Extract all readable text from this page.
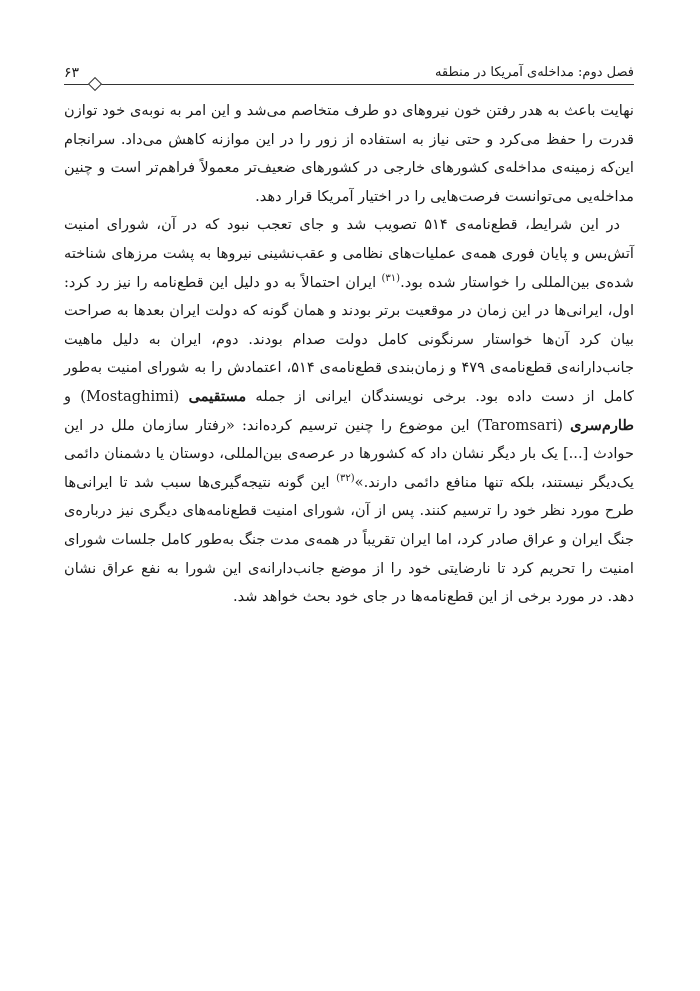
فصل دوم: مداخله‌ی آمریکا در منطقه
۶۳

نهایت باعث به هدر رفتن خون نیروهای دو طرف متخاصم می‌شد و این امر به نوبه‌ی خود توازن قدرت را حفظ می‌کرد و حتی نیاز به استفاده از زور را در این موازنه کاهش می‌داد. سرانجام این‌که زمینه‌ی مداخله‌ی کشورهای خارجی در کشورهای ضعیف‌تر معمولاً فراهم‌تر است و چنین مداخله‌یی می‌توانست فرصت‌هایی را در اختیار آمریکا قرار دهد.

در این شرایط، قطع‌نامه‌ی ۵۱۴ تصویب شد و جای تعجب نبود که در آن، شورای امنیت آتش‌بس و پایان فوری همه‌ی عملیات‌های نظامی و عقب‌نشینی نیروها به پشت مرزهای شناخته شده‌ی بین‌المللی را خواستار شده بود.$^{(۳۱)}$ ایران احتمالاً به دو دلیل این قطع‌نامه را نیز رد کرد: اول، ایرانی‌ها در این زمان در موقعیت برتر بودند و همان گونه که دولت ایران بعدها به صراحت بیان کرد آن‌ها خواستار سرنگونی کامل دولت صدام بودند. دوم، ایران به دلیل ماهیت جانب‌دارانه‌ی قطع‌نامه‌ی ۴۷۹ و زمان‌بندی قطع‌نامه‌ی ۵۱۴، اعتمادش را به شورای امنیت به‌طور کامل از دست داده بود. برخی نویسندگان ایرانی از جمله مستقیمی (Mostaghimi) و طارم‌سری (Taromsari) این موضوع را چنین ترسیم کرده‌اند: «رفتار سازمان ملل در این حوادث [...] یک بار دیگر نشان داد که کشورها در عرصه‌ی بین‌المللی، دوستان یا دشمنان دائمی یک‌دیگر نیستند، بلکه تنها منافع دائمی دارند.»$^{(۳۲)}$ این گونه نتیجه‌گیری‌ها سبب شد تا ایرانی‌ها طرح مورد نظر خود را ترسیم کنند. پس از آن، شورای امنیت قطع‌نامه‌های دیگری نیز درباره‌ی جنگ ایران و عراق صادر کرد، اما ایران تقریباً در همه‌ی مدت جنگ به‌طور کامل جلسات شورای امنیت را تحریم کرد تا نارضایتی خود را از موضع جانب‌دارانه‌ی این شورا به نفع عراق نشان دهد. در مورد برخی از این قطع‌نامه‌ها در جای خود بحث خواهد شد.
